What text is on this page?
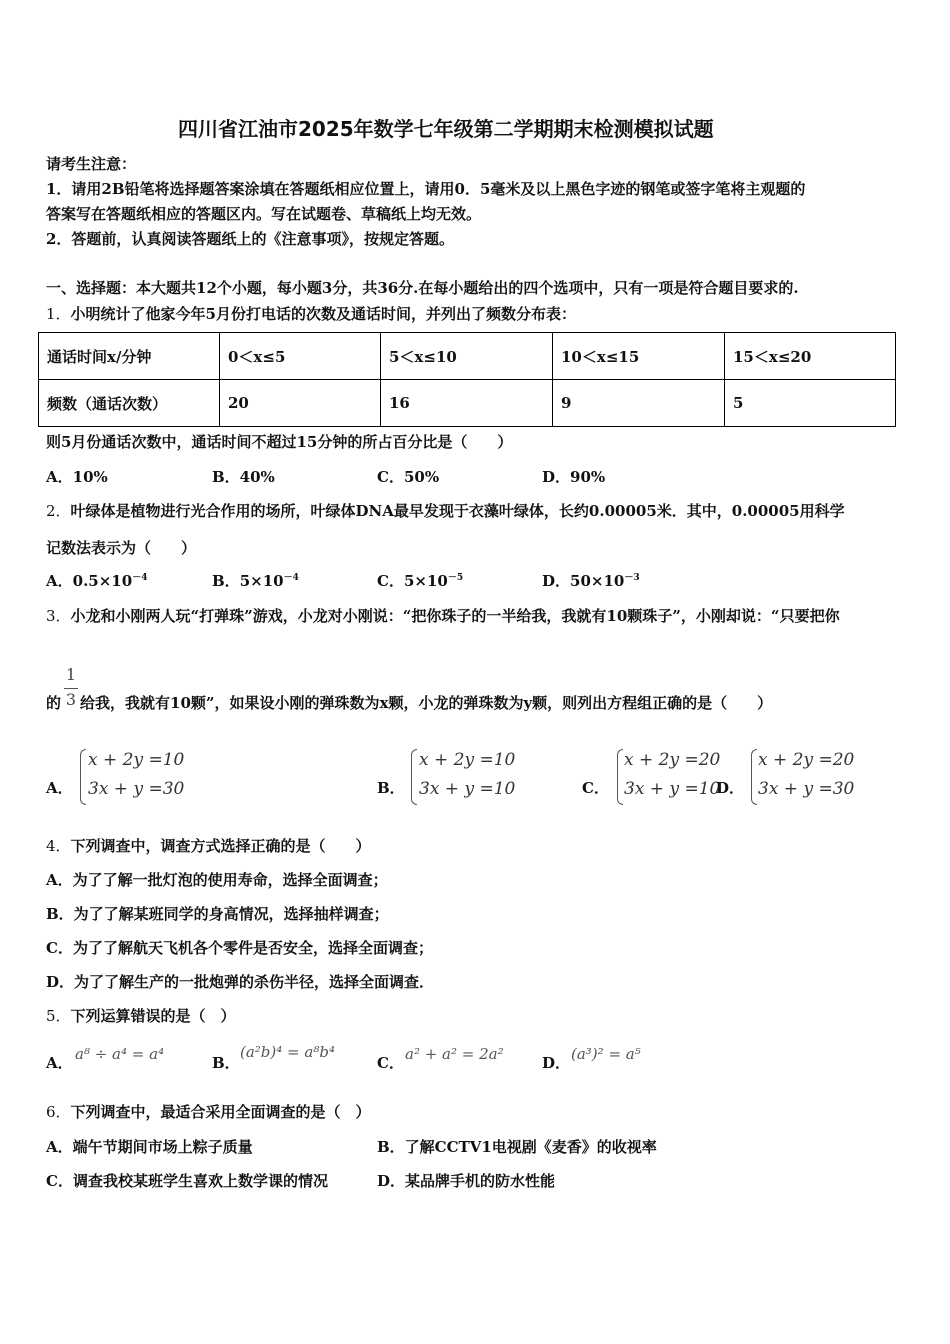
四川省江油市2025年数学七年级第二学期期末检测模拟试题
请考生注意：
1．请用2B铅笔将选择题答案涂填在答题纸相应位置上，请用0．5毫米及以上黑色字迹的钢笔或签字笔将主观题的
答案写在答题纸相应的答题区内。写在试题卷、草稿纸上均无效。
2．答题前，认真阅读答题纸上的《注意事项》，按规定答题。
一、选择题：本大题共12个小题，每小题3分，共36分.在每小题给出的四个选项中，只有一项是符合题目要求的.
1．小明统计了他家今年5月份打电话的次数及通话时间，并列出了频数分布表：
通话时间x/分钟	0＜x≤5	5＜x≤10	10＜x≤15	15＜x≤20
频数（通话次数）	20	16	9	5
则5月份通话次数中，通话时间不超过15分钟的所占百分比是（　　）
A．10%	B．40%	C．50%	D．90%
2．叶绿体是植物进行光合作用的场所，叶绿体DNA最早发现于衣藻叶绿体，长约0.00005米．其中，0.00005用科学
记数法表示为（　　）
A．$0.5\times 10^{-4}$	B．$5\times 10^{-4}$	C．$5\times 10^{-5}$	D．$50\times 10^{-3}$
3．小龙和小刚两人玩“打弹珠”游戏，小龙对小刚说：“把你珠子的一半给我，我就有10颗珠子”，小刚却说：“只要把你
1
3
的 给我，我就有10颗”，如果设小刚的弹珠数为x颗，小龙的弹珠数为y颗，则列出方程组正确的是（　　）
A．
x + 2y =10
3x + y =30	B．
x + 2y =10
3x + y =10	C．
x + 2y =20
3x + y =10
D．
x + 2y =20
3x + y =30
4．下列调查中，调查方式选择正确的是（　　）
A．为了了解一批灯泡的使用寿命，选择全面调查；
B．为了了解某班同学的身高情况，选择抽样调查；
C．为了了解航天飞机各个零件是否安全，选择全面调查；
D．为了了解生产的一批炮弹的杀伤半径，选择全面调查．
5．下列运算错误的是（　）
A． a⁸ ÷ a⁴ = a⁴	B．
(a²b)⁴ = a⁸b⁴
C． a² + a² = 2a²	D． (a³)² = a⁵
6．下列调查中，最适合采用全面调查的是（　）
A．端午节期间市场上粽子质量	B．了解CCTV1电视剧《麦香》的收视率
C．调查我校某班学生喜欢上数学课的情况	D．某品牌手机的防水性能
